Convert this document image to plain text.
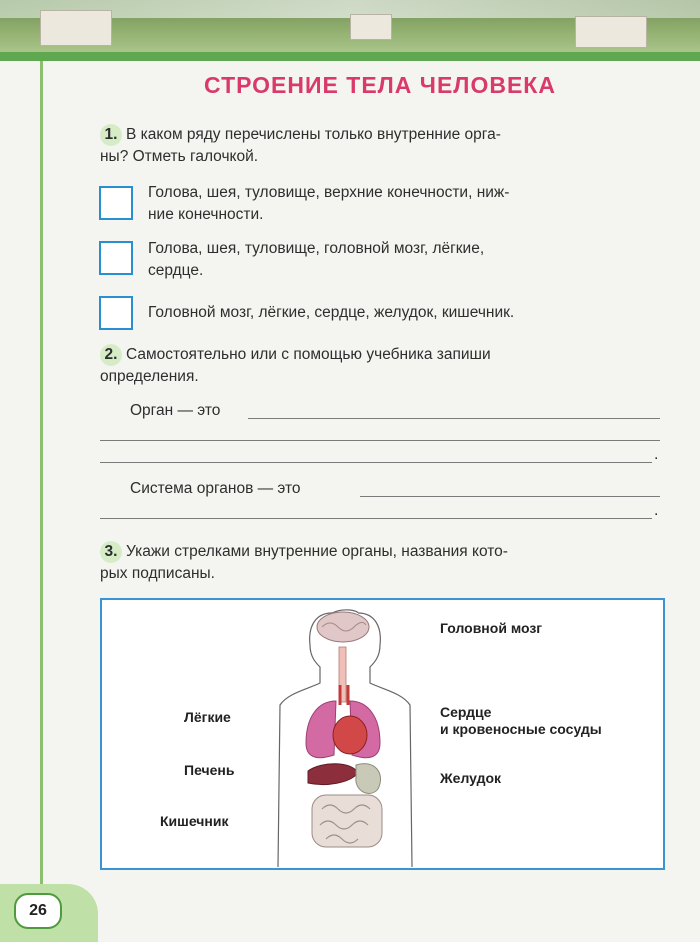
СТРОЕНИЕ ТЕЛА ЧЕЛОВЕКА
1. В каком ряду перечислены только внутренние орга-
ны? Отметь галочкой.
Голова, шея, туловище, верхние конечности, ниж-
ние конечности.
Голова, шея, туловище, головной мозг, лёгкие,
сердце.
Головной мозг, лёгкие, сердце, желудок, кишечник.
2. Самостоятельно или с помощью учебника запиши
определения.
Орган — это
.
Система органов — это
.
3. Укажи стрелками внутренние органы, названия кото-
рых подписаны.
Головной мозг
Лёгкие	Сердце
и кровеносные сосуды
Печень	Желудок
Кишечник
26
